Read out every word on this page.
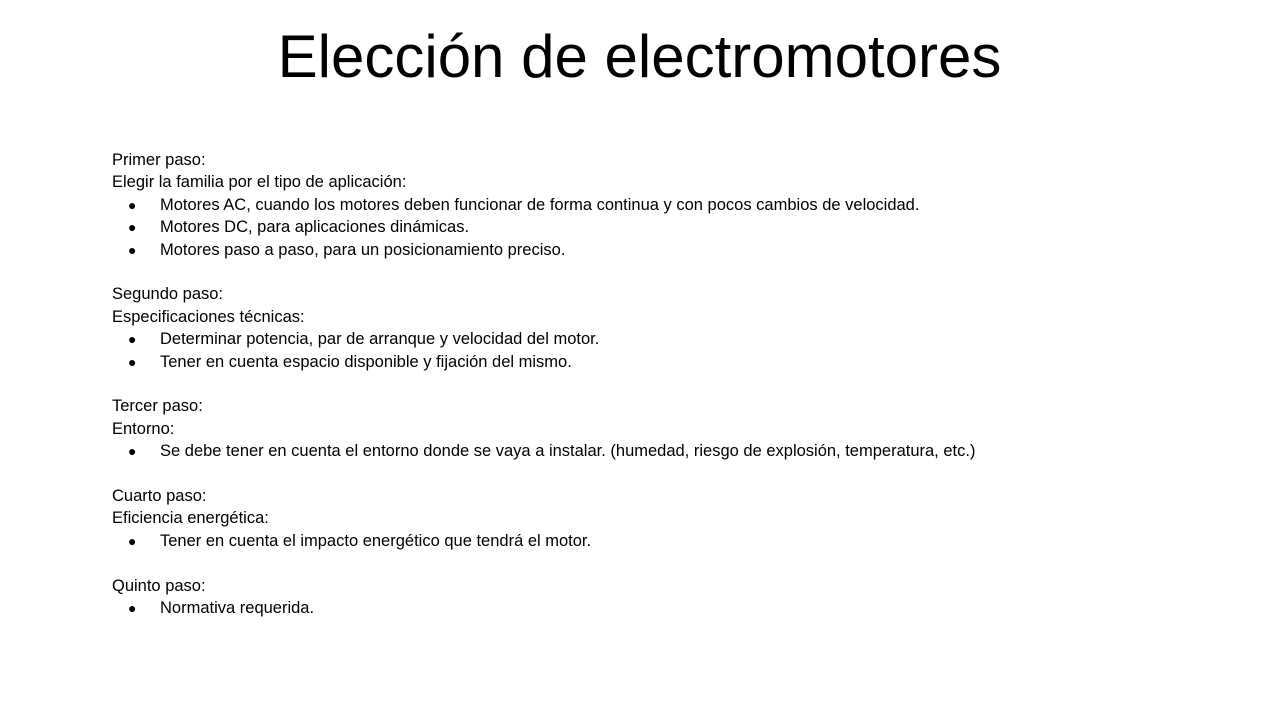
Elección de electromotores
Primer paso:
Elegir la familia por el tipo de aplicación:
● Motores AC, cuando los motores deben funcionar de forma continua y con pocos cambios de velocidad.
● Motores DC, para aplicaciones dinámicas.
● Motores paso a paso, para un posicionamiento preciso.
Segundo paso:
Especificaciones técnicas:
● Determinar potencia, par de arranque y velocidad del motor.
● Tener en cuenta espacio disponible y fijación del mismo.
Tercer paso:
Entorno:
● Se debe tener en cuenta el entorno donde se vaya a instalar. (humedad, riesgo de explosión, temperatura, etc.)
Cuarto paso:
Eficiencia energética:
● Tener en cuenta el impacto energético que tendrá el motor.
Quinto paso:
● Normativa requerida.
